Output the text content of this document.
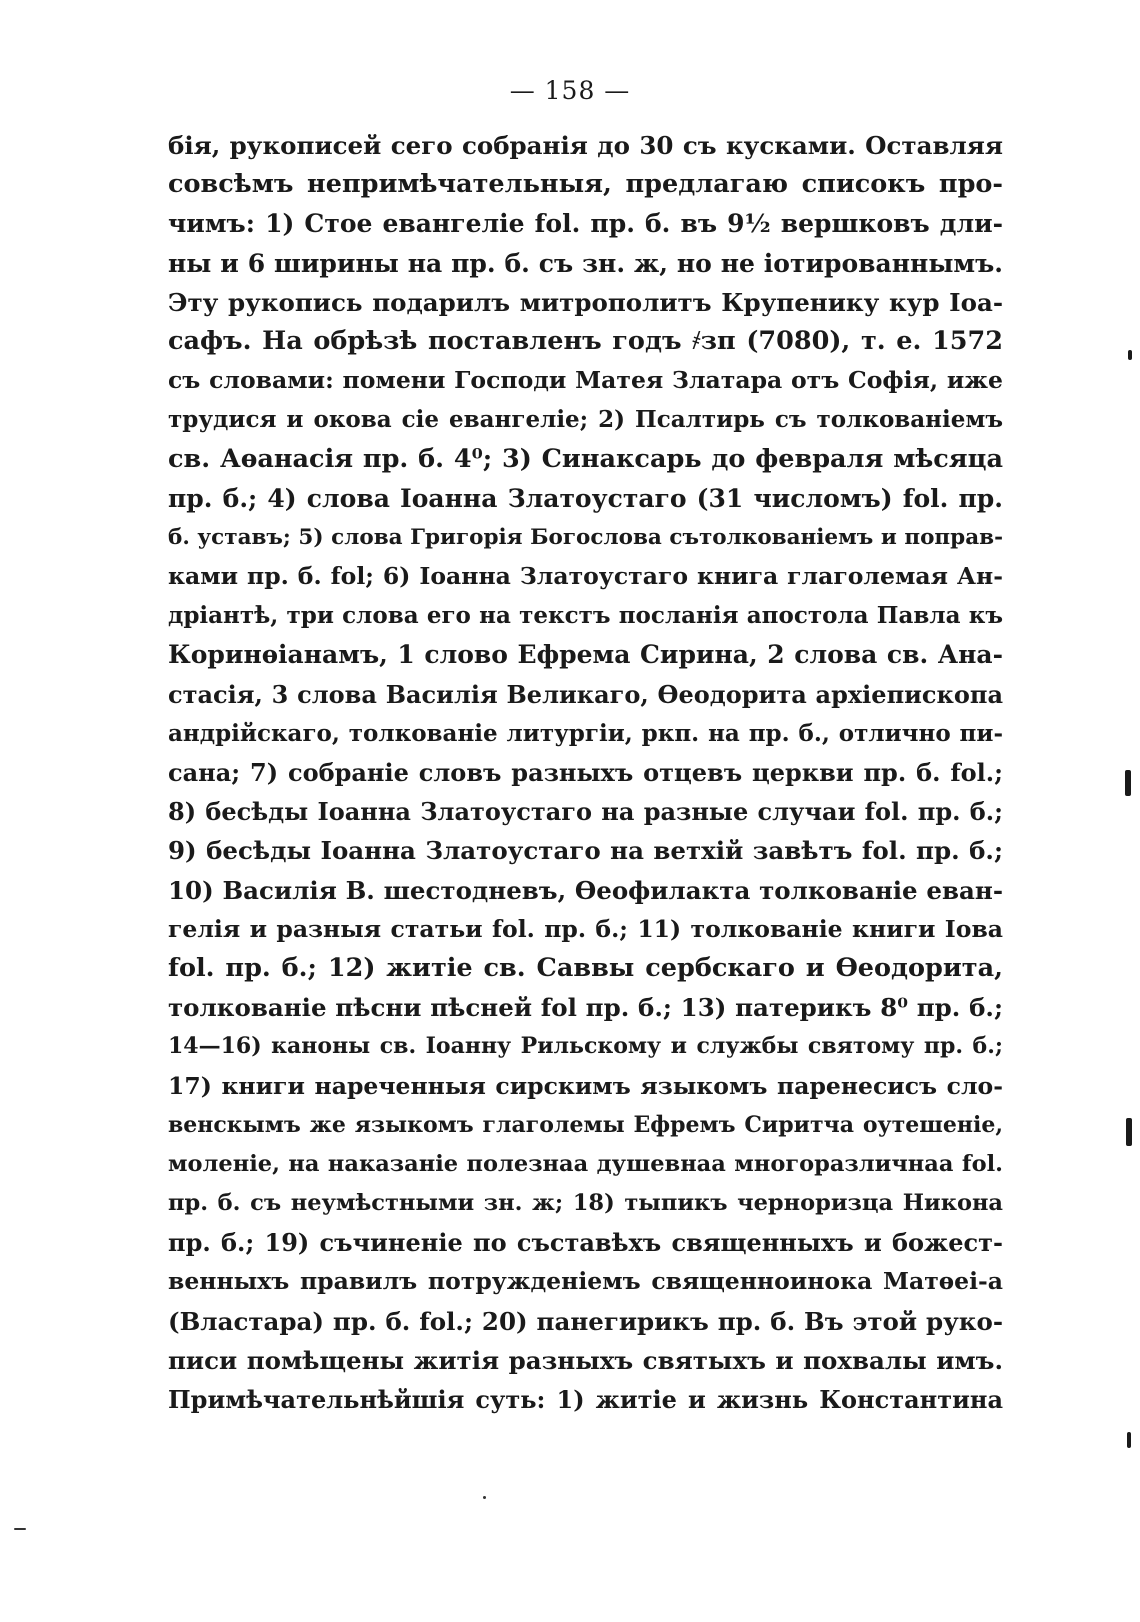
— 158 —
бія, рукописей сего собранія до 30 съ кусками. Оставляя
совсѣмъ непримѣчательныя, предлагаю списокъ про-
чимъ: 1) Стое евангеліе fol. пр. б. въ 9½ вершковъ дли-
ны и 6 ширины на пр. б. съ зн. ж, но не іотированнымъ.
Эту рукопись подарилъ митрополитъ Крупенику кур Іоа-
сафъ. На обрѣзѣ поставленъ годъ ҂зп (7080), т. е. 1572
съ словами: помени Господи Матея Златара отъ Софія, иже
трудися и окова сіе евангеліе; 2) Псалтирь съ толкованіемъ
св. Аѳанасія пр. б. 4⁰; 3) Синаксарь до февраля мѣсяца
пр. б.; 4) слова Іоанна Златоустаго (31 числомъ) fol. пр.
б. уставъ; 5) слова Григорія Богослова сътолкованіемъ и поправ-
ками пр. б. fol; 6) Іоанна Златоустаго книга глаголемая Ан-
дріантѣ, три слова его на текстъ посланія апостола Павла къ
Коринѳіанамъ, 1 слово Ефрема Сирина, 2 слова св. Ана-
стасія, 3 слова Василія Великаго, Ѳеодорита архіепископа
андрійскаго, толкованіе литургіи, ркп. на пр. б., отлично пи-
сана; 7) собраніе словъ разныхъ отцевъ церкви пр. б. fol.;
8) бесѣды Іоанна Златоустаго на разные случаи fol. пр. б.;
9) бесѣды Іоанна Златоустаго на ветхій завѣтъ fol. пр. б.;
10) Василія В. шестодневъ, Ѳеофилакта толкованіе еван-
гелія и разныя статьи fol. пр. б.; 11) толкованіе книги Іова
fol. пр. б.; 12) житіе св. Саввы сербскаго и Ѳеодорита,
толкованіе пѣсни пѣсней fol пр. б.; 13) патерикъ 8⁰ пр. б.;
14—16) каноны св. Іоанну Рильскому и службы святому пр. б.;
17) книги нареченныя сирскимъ языкомъ паренесисъ сло-
венскымъ же языкомъ глаголемы Ефремъ Сиритча оутешеніе,
моленіе, на наказаніе полезнаа душевнаа многоразличнаа fol.
пр. б. съ неумѣстными зн. ж; 18) тыпикъ черноризца Никона
пр. б.; 19) съчиненіе по съставѣхъ священныхъ и божест-
венныхъ правилъ потружденіемъ священноинока Матѳеі-а
(Властара) пр. б. fol.; 20) панегирикъ пр. б. Въ этой руко-
писи помѣщены житія разныхъ святыхъ и похвалы имъ.
Примѣчательнѣйшія суть: 1) житіе и жизнь Константина
